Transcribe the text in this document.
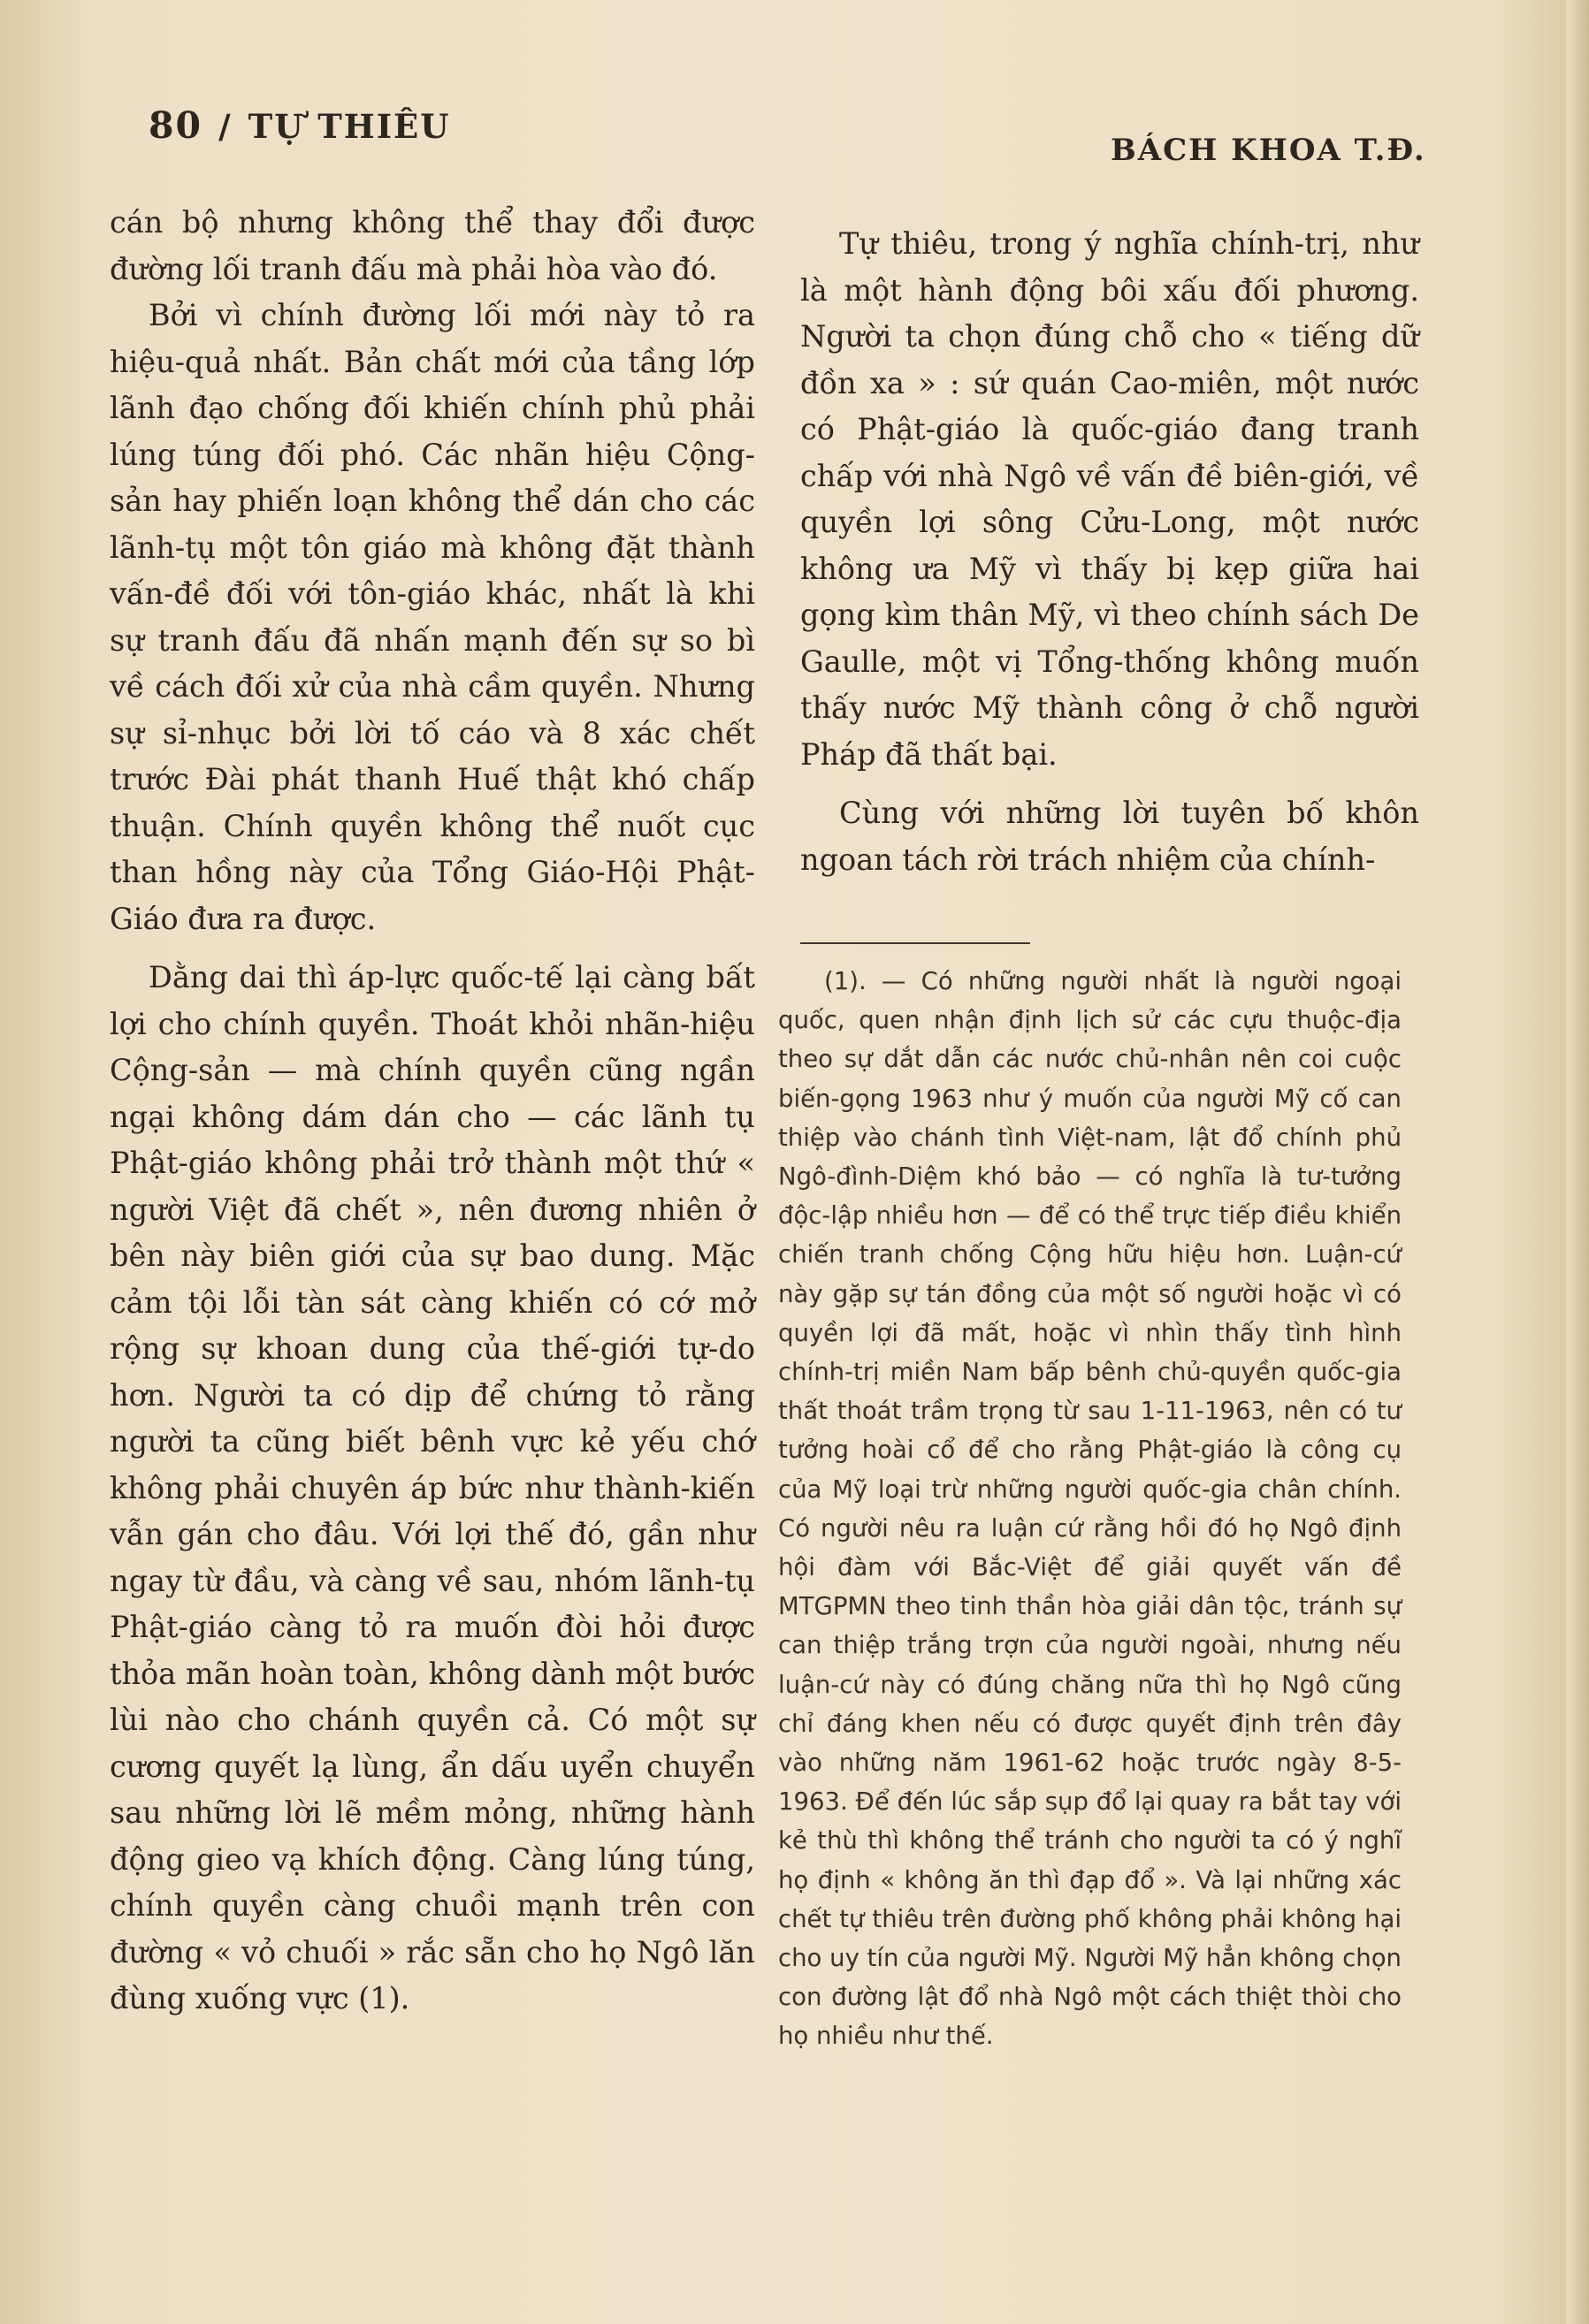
80 / TỰ THIÊU
BÁCH KHOA T.Đ.

cán bộ nhưng không thể thay đổi được đường lối tranh đấu mà phải hòa vào đó.

Bởi vì chính đường lối mới này tỏ ra hiệu-quả nhất. Bản chất mới của tầng lớp lãnh đạo chống đối khiến chính phủ phải lúng túng đối phó. Các nhãn hiệu Cộng-sản hay phiến loạn không thể dán cho các lãnh-tụ một tôn giáo mà không đặt thành vấn-đề đối với tôn-giáo khác, nhất là khi sự tranh đấu đã nhấn mạnh đến sự so bì về cách đối xử của nhà cầm quyền. Nhưng sự sỉ-nhục bởi lời tố cáo và 8 xác chết trước Đài phát thanh Huế thật khó chấp thuận. Chính quyền không thể nuốt cục than hồng này của Tổng Giáo-Hội Phật-Giáo đưa ra được.

Dằng dai thì áp-lực quốc-tế lại càng bất lợi cho chính quyền. Thoát khỏi nhãn-hiệu Cộng-sản — mà chính quyền cũng ngần ngại không dám dán cho — các lãnh tụ Phật-giáo không phải trở thành một thứ « người Việt đã chết », nên đương nhiên ở bên này biên giới của sự bao dung. Mặc cảm tội lỗi tàn sát càng khiến có cớ mở rộng sự khoan dung của thế-giới tự-do hơn. Người ta có dịp để chứng tỏ rằng người ta cũng biết bênh vực kẻ yếu chớ không phải chuyên áp bức như thành-kiến vẫn gán cho đâu. Với lợi thế đó, gần như ngay từ đầu, và càng về sau, nhóm lãnh-tụ Phật-giáo càng tỏ ra muốn đòi hỏi được thỏa mãn hoàn toàn, không dành một bước lùi nào cho chánh quyền cả. Có một sự cương quyết lạ lùng, ẩn dấu uyển chuyển sau những lời lẽ mềm mỏng, những hành động gieo vạ khích động. Càng lúng túng, chính quyền càng chuồi mạnh trên con đường « vỏ chuối » rắc sẵn cho họ Ngô lăn đùng xuống vực (1).

Tự thiêu, trong ý nghĩa chính-trị, như là một hành động bôi xấu đối phương. Người ta chọn đúng chỗ cho « tiếng dữ đồn xa » : sứ quán Cao-miên, một nước có Phật-giáo là quốc-giáo đang tranh chấp với nhà Ngô về vấn đề biên-giới, về quyền lợi sông Cửu-Long, một nước không ưa Mỹ vì thấy bị kẹp giữa hai gọng kìm thân Mỹ, vì theo chính sách De Gaulle, một vị Tổng-thống không muốn thấy nước Mỹ thành công ở chỗ người Pháp đã thất bại.

Cùng với những lời tuyên bố khôn ngoan tách rời trách nhiệm của chính-

(1). — Có những người nhất là người ngoại quốc, quen nhận định lịch sử các cựu thuộc-địa theo sự dắt dẫn các nước chủ-nhân nên coi cuộc biến-gọng 1963 như ý muốn của người Mỹ cố can thiệp vào chánh tình Việt-nam, lật đổ chính phủ Ngô-đình-Diệm khó bảo — có nghĩa là tư-tưởng độc-lập nhiều hơn — để có thể trực tiếp điều khiển chiến tranh chống Cộng hữu hiệu hơn. Luận-cứ này gặp sự tán đồng của một số người hoặc vì có quyền lợi đã mất, hoặc vì nhìn thấy tình hình chính-trị miền Nam bấp bênh chủ-quyền quốc-gia thất thoát trầm trọng từ sau 1-11-1963, nên có tư tưởng hoài cổ để cho rằng Phật-giáo là công cụ của Mỹ loại trừ những người quốc-gia chân chính. Có người nêu ra luận cứ rằng hồi đó họ Ngô định hội đàm với Bắc-Việt để giải quyết vấn đề MTGPMN theo tinh thần hòa giải dân tộc, tránh sự can thiệp trắng trợn của người ngoài, nhưng nếu luận-cứ này có đúng chăng nữa thì họ Ngô cũng chỉ đáng khen nếu có được quyết định trên đây vào những năm 1961-62 hoặc trước ngày 8-5-1963. Để đến lúc sắp sụp đổ lại quay ra bắt tay với kẻ thù thì không thể tránh cho người ta có ý nghĩ họ định « không ăn thì đạp đổ ». Và lại những xác chết tự thiêu trên đường phố không phải không hại cho uy tín của người Mỹ. Người Mỹ hẳn không chọn con đường lật đổ nhà Ngô một cách thiệt thòi cho họ nhiều như thế.
